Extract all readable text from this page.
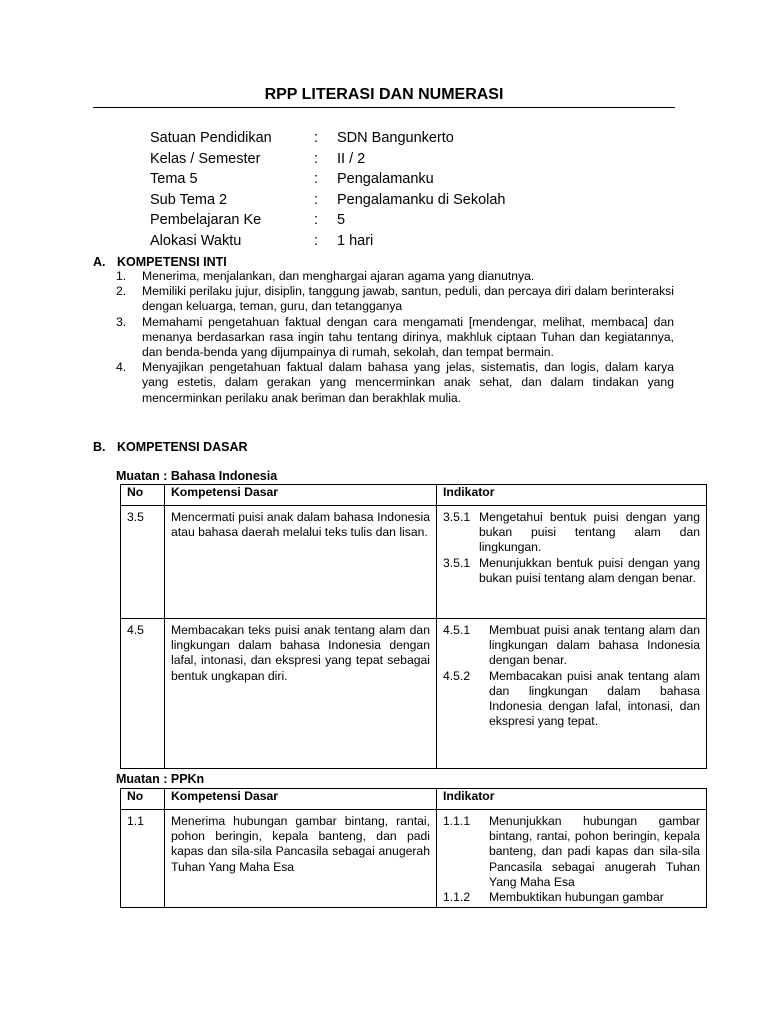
RPP LITERASI DAN NUMERASI
Satuan Pendidikan	: SDN Bangunkerto
Kelas / Semester	: II / 2
Tema 5	: Pengalamanku
Sub Tema 2	: Pengalamanku di Sekolah
Pembelajaran Ke	: 5
Alokasi Waktu	: 1 hari
A. KOMPETENSI INTI
1. Menerima, menjalankan, dan menghargai ajaran agama yang dianutnya.
2. Memiliki perilaku jujur, disiplin, tanggung jawab, santun, peduli, dan percaya diri dalam berinteraksi dengan keluarga, teman, guru, dan tetangganya
3. Memahami pengetahuan faktual dengan cara mengamati [mendengar, melihat, membaca] dan menanya berdasarkan rasa ingin tahu tentang dirinya, makhluk ciptaan Tuhan dan kegiatannya, dan benda-benda yang dijumpainya di rumah, sekolah, dan tempat bermain.
4. Menyajikan pengetahuan faktual dalam bahasa yang jelas, sistematis, dan logis, dalam karya yang estetis, dalam gerakan yang mencerminkan anak sehat, dan dalam tindakan yang mencerminkan perilaku anak beriman dan berakhlak mulia.
B. KOMPETENSI DASAR
Muatan : Bahasa Indonesia
No	Kompetensi Dasar	Indikator
3.5	Mencermati puisi anak dalam bahasa Indonesia atau bahasa daerah melalui teks tulis dan lisan.	3.5.1 Mengetahui bentuk puisi dengan yang bukan puisi tentang alam dan lingkungan.
3.5.1 Menunjukkan bentuk puisi dengan yang bukan puisi tentang alam dengan benar.

4.5	Membacakan teks puisi anak tentang alam dan lingkungan dalam bahasa Indonesia dengan lafal, intonasi, dan ekspresi yang tepat sebagai bentuk ungkapan diri.	4.5.1 Membuat puisi anak tentang alam dan lingkungan dalam bahasa Indonesia dengan benar.
4.5.2 Membacakan puisi anak tentang alam dan lingkungan dalam bahasa Indonesia dengan lafal, intonasi, dan ekspresi yang tepat.
Muatan : PPKn
No	Kompetensi Dasar	Indikator
1.1	Menerima hubungan gambar bintang, rantai, pohon beringin, kepala banteng, dan padi kapas dan sila-sila Pancasila sebagai anugerah Tuhan Yang Maha Esa	1.1.1 Menunjukkan hubungan gambar bintang, rantai, pohon beringin, kepala banteng, dan padi kapas dan sila-sila Pancasila sebagai anugerah Tuhan Yang Maha Esa
1.1.2 Membuktikan hubungan gambar
